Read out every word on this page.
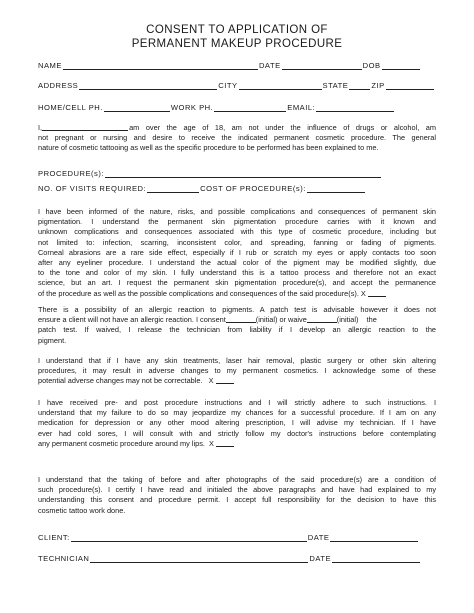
CONSENT TO APPLICATION OF
PERMANENT MAKEUP PROCEDURE
NAME	DATE	DOB
ADDRESS	CITY	STATE	ZIP
HOME/CELL PH.	WORK PH.	EMAIL:
I,	am over the age of 18, am not under the influence of drugs or alcohol, am
not pregnant or nursing and desire to receive the indicated permanent cosmetic procedure. The general
nature of cosmetic tattooing as well as the specific procedure to be performed has been explained to me.
PROCEDURE(s):
NO. OF VISITS REQUIRED:	COST OF PROCEDURE(s):
I have been informed of the nature, risks, and possible complications and consequences of permanent skin
pigmentation. I understand the permanent skin pigmentation procedure carries with it known and
unknown complications and consequences associated with this type of cosmetic procedure, including but
not limited to: infection, scarring, inconsistent color, and spreading, fanning or fading of pigments.
Corneal abrasions are a rare side effect, especially if I rub or scratch my eyes or apply contacts too soon
after any eyeliner procedure. I understand the actual color of the pigment may be modified slightly, due
to the tone and color of my skin. I fully understand this is a tattoo process and therefore not an exact
science, but an art. I request the permanent skin pigmentation procedure(s), and accept the permanence
of the procedure as well as the possible complications and consequences of the said procedure(s). X
There is a possibility of an allergic reaction to pigments. A patch test is advisable however it does not
ensure a client will not have an allergic reaction. I consent	(initial) or waive	(initial)    the
patch test. If waived, I release the technician from liability if I develop an allergic reaction to the
pigment.
I understand that if I have any skin treatments, laser hair removal, plastic surgery or other skin altering
procedures, it may result in adverse changes to my permanent cosmetics. I acknowledge some of these
potential adverse changes may not be correctable.   X
I have received pre- and post procedure instructions and I will strictly adhere to such instructions. I
understand that my failure to do so may jeopardize my chances for a successful procedure. If I am on any
medication for depression or any other mood altering prescription, I will advise my technician. If I have
ever had cold sores, I will consult with and strictly follow my doctor's instructions before contemplating
any permanent cosmetic procedure around my lips.  X
I understand that the taking of before and after photographs of the said procedure(s) are a condition of
such procedure(s). I certify I have read and initialed the above paragraphs and have had explained to my
understanding this consent and procedure permit. I accept full responsibility for the decision to have this
cosmetic tattoo work done.
CLIENT:	DATE
TECHNICIAN	DATE
